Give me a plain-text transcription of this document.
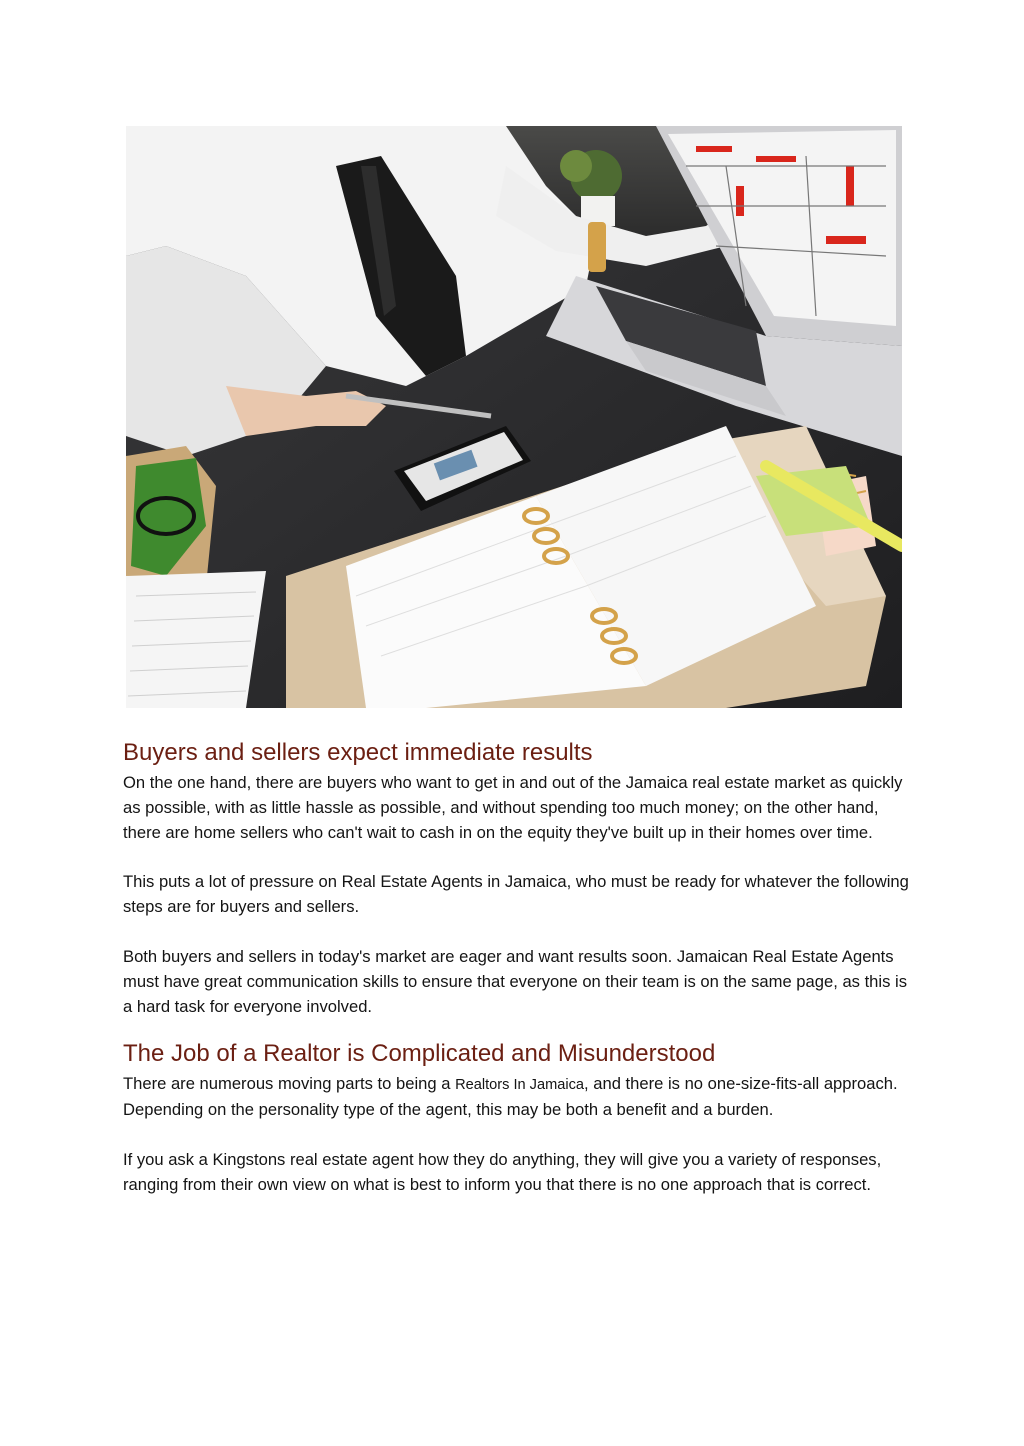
Buyers and sellers expect immediate results

On the one hand, there are buyers who want to get in and out of the Jamaica real estate market as quickly as possible, with as little hassle as possible, and without spending too much money; on the other hand, there are home sellers who can't wait to cash in on the equity they've built up in their homes over time.

This puts a lot of pressure on Real Estate Agents in Jamaica, who must be ready for whatever the following steps are for buyers and sellers.

Both buyers and sellers in today's market are eager and want results soon. Jamaican Real Estate Agents must have great communication skills to ensure that everyone on their team is on the same page, as this is a hard task for everyone involved.

The Job of a Realtor is Complicated and Misunderstood

There are numerous moving parts to being a Realtors In Jamaica, and there is no one-size-fits-all approach. Depending on the personality type of the agent, this may be both a benefit and a burden.

If you ask a Kingstons real estate agent how they do anything, they will give you a variety of responses, ranging from their own view on what is best to inform you that there is no one approach that is correct.
